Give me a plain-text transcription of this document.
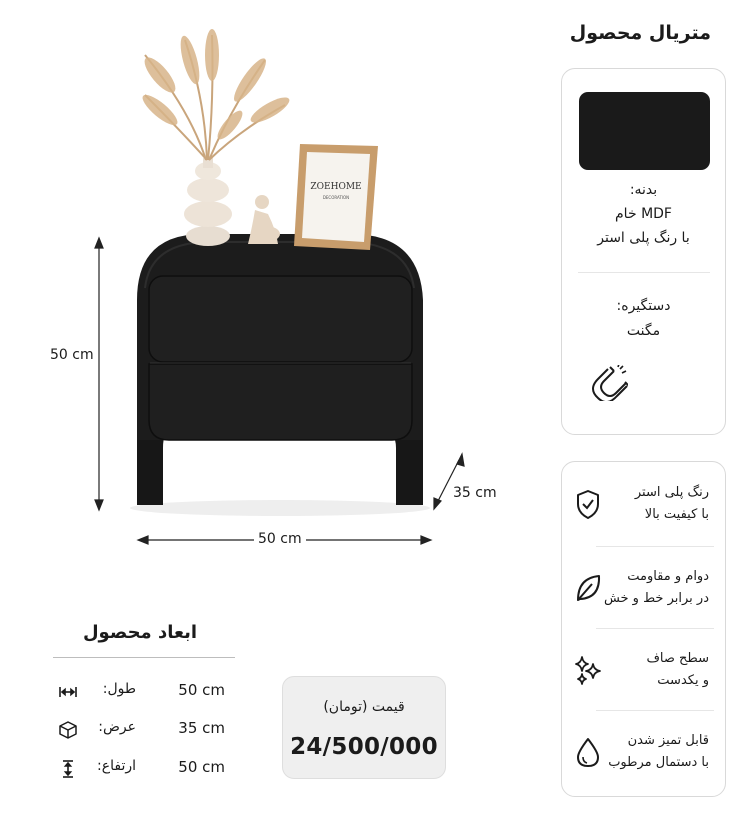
ZOEHOME
DECORATION
50 cm
50 cm
35 cm
متریال محصول
بدنه:
MDF خام
با رنگ پلی استر
دستگیره:
مگنت
رنگ پلی استر
با کیفیت بالا
دوام و مقاومت
در برابر خط و خش
سطح صاف
و یکدست
قابل تمیز شدن
با دستمال مرطوب
ابعاد محصول
50 cm
طول:
35 cm
عرض:
50 cm
ارتفاع:
قیمت (تومان)
24/500/000
